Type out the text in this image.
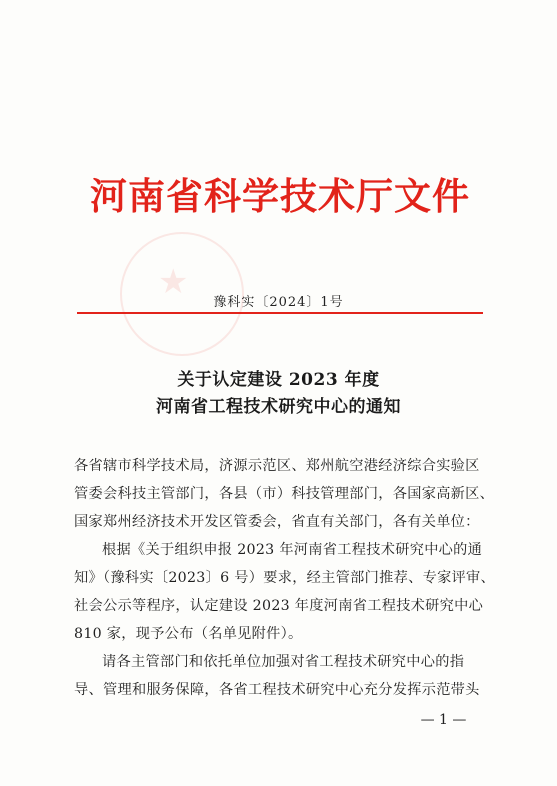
★
河南省科学技术厅文件
豫科实〔2024〕1号
关于认定建设 2023 年度
河南省工程技术研究中心的通知
各省辖市科学技术局，济源示范区、郑州航空港经济综合实验区
管委会科技主管部门，各县（市）科技管理部门，各国家高新区、
国家郑州经济技术开发区管委会，省直有关部门，各有关单位：
根据《关于组织申报 2023 年河南省工程技术研究中心的通
知》（豫科实〔2023〕6 号）要求，经主管部门推荐、专家评审、
社会公示等程序，认定建设 2023 年度河南省工程技术研究中心
810 家，现予公布（名单见附件）。
请各主管部门和依托单位加强对省工程技术研究中心的指
导、管理和服务保障，各省工程技术研究中心充分发挥示范带头
— 1 —
